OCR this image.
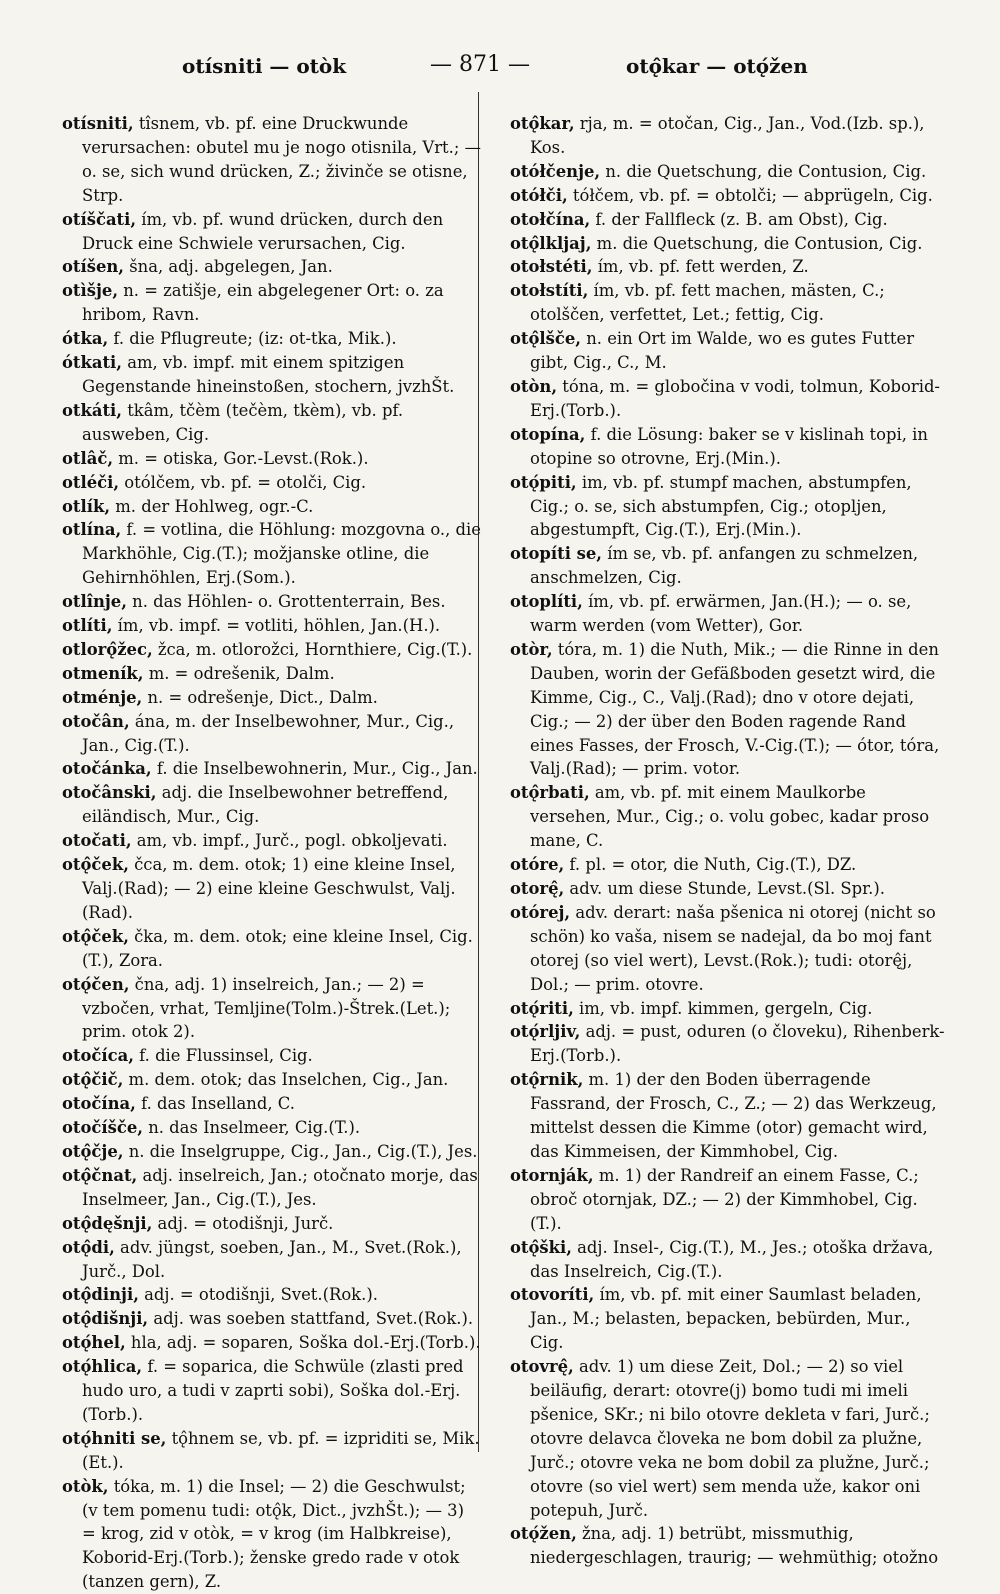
otísniti — otòk	— 871 —	otǫ̂kar — otǫ́žen

otísniti, tîsnem, vb. pf. eine Druckwunde verursachen: obutel mu je nogo otisnila, Vrt.; — o. se, sich wund drücken, Z.; živinče se otisne, Strp.

otíščati, ím, vb. pf. wund drücken, durch den Druck eine Schwiele verursachen, Cig.

otíšen, šna, adj. abgelegen, Jan.

otìšje, n. = zatišje, ein abgelegener Ort: o. za hribom, Ravn.

ótka, f. die Pflugreute; (iz: ot-tka, Mik.).

ótkati, am, vb. impf. mit einem spitzigen Gegenstande hineinstoßen, stochern, jvzhŠt.

otkáti, tkâm, tčèm (tečèm, tkèm), vb. pf. ausweben, Cig.

otlâč, m. = otiska, Gor.-Levst.(Rok.).

otléči, otólčem, vb. pf. = otolči, Cig.

otlík, m. der Hohlweg, ogr.-C.

otlína, f. = votlina, die Höhlung: mozgovna o., die Markhöhle, Cig.(T.); možjanske otline, die Gehirnhöhlen, Erj.(Som.).

otlînje, n. das Höhlen- o. Grottenterrain, Bes.

otlíti, ím, vb. impf. = votliti, höhlen, Jan.(H.).

otlorǫ̂žec, žca, m. otlorožci, Hornthiere, Cig.(T.).

otmeník, m. = odrešenik, Dalm.

otménje, n. = odrešenje, Dict., Dalm.

otočân, ána, m. der Inselbewohner, Mur., Cig., Jan., Cig.(T.).

otočánka, f. die Inselbewohnerin, Mur., Cig., Jan.

otočânski, adj. die Inselbewohner betreffend, eiländisch, Mur., Cig.

otočati, am, vb. impf., Jurč., pogl. obkoljevati.

otǫ̂ček, čca, m. dem. otok; 1) eine kleine Insel, Valj.(Rad); — 2) eine kleine Geschwulst, Valj.(Rad).

otǫ̂ček, čka, m. dem. otok; eine kleine Insel, Cig.(T.), Zora.

otǫ́čen, čna, adj. 1) inselreich, Jan.; — 2) = vzbočen, vrhat, Temljine(Tolm.)-Štrek.(Let.); prim. otok 2).

otočíca, f. die Flussinsel, Cig.

otǫ̂čič, m. dem. otok; das Inselchen, Cig., Jan.

otočína, f. das Inselland, C.

otočíšče, n. das Inselmeer, Cig.(T.).

otǫ̂čje, n. die Inselgruppe, Cig., Jan., Cig.(T.), Jes.

otǫ̂čnat, adj. inselreich, Jan.; otočnato morje, das Inselmeer, Jan., Cig.(T.), Jes.

otǫ̂dęšnji, adj. = otodišnji, Jurč.

otǫ̂di, adv. jüngst, soeben, Jan., M., Svet.(Rok.), Jurč., Dol.

otǫ̂dinji, adj. = otodišnji, Svet.(Rok.).

otǫ̂dišnji, adj. was soeben stattfand, Svet.(Rok.).

otǫ́hel, hla, adj. = soparen, Soška dol.-Erj.(Torb.).

otǫ́hlica, f. = soparica, die Schwüle (zlasti pred hudo uro, a tudi v zaprti sobi), Soška dol.-Erj.(Torb.).

otǫ́hniti se, tǫ̂hnem se, vb. pf. = izpriditi se, Mik.(Et.).

otòk, tóka, m. 1) die Insel; — 2) die Geschwulst; (v tem pomenu tudi: otǫ̂k, Dict., jvzhŠt.); — 3) = krog, zid v otòk, = v krog (im Halbkreise), Koborid-Erj.(Torb.); ženske gredo rade v otok (tanzen gern), Z.

otǫ̂kar, rja, m. = otočan, Cig., Jan., Vod.(Izb. sp.), Kos.

otółčenje, n. die Quetschung, die Contusion, Cig.

otółči, tółčem, vb. pf. = obtolči; — abprügeln, Cig.

otołčína, f. der Fallfleck (z. B. am Obst), Cig.

otǫ̂lkljaj, m. die Quetschung, die Contusion, Cig.

otołstéti, ím, vb. pf. fett werden, Z.

otołstíti, ím, vb. pf. fett machen, mästen, C.; otolščen, verfettet, Let.; fettig, Cig.

otǫ̂lšče, n. ein Ort im Walde, wo es gutes Futter gibt, Cig., C., M.

otòn, tóna, m. = globočina v vodi, tolmun, Koborid-Erj.(Torb.).

otopína, f. die Lösung: baker se v kislinah topi, in otopine so otrovne, Erj.(Min.).

otǫ́piti, im, vb. pf. stumpf machen, abstumpfen, Cig.; o. se, sich abstumpfen, Cig.; otopljen, abgestumpft, Cig.(T.), Erj.(Min.).

otopíti se, ím se, vb. pf. anfangen zu schmelzen, anschmelzen, Cig.

otoplíti, ím, vb. pf. erwärmen, Jan.(H.); — o. se, warm werden (vom Wetter), Gor.

otòr, tóra, m. 1) die Nuth, Mik.; — die Rinne in den Dauben, worin der Gefäßboden gesetzt wird, die Kimme, Cig., C., Valj.(Rad); dno v otore dejati, Cig.; — 2) der über den Boden ragende Rand eines Fasses, der Frosch, V.-Cig.(T.); — ótor, tóra, Valj.(Rad); — prim. votor.

otǫ̂rbati, am, vb. pf. mit einem Maulkorbe versehen, Mur., Cig.; o. volu gobec, kadar proso mane, C.

otóre, f. pl. = otor, die Nuth, Cig.(T.), DZ.

otorę̂, adv. um diese Stunde, Levst.(Sl. Spr.).

otórej, adv. derart: naša pšenica ni otorej (nicht so schön) ko vaša, nisem se nadejal, da bo moj fant otorej (so viel wert), Levst.(Rok.); tudi: otorę̂j, Dol.; — prim. otovre.

otǫ́riti, im, vb. impf. kimmen, gergeln, Cig.

otǫ́rljiv, adj. = pust, oduren (o človeku), Rihenberk-Erj.(Torb.).

otǫ̂rnik, m. 1) der den Boden überragende Fassrand, der Frosch, C., Z.; — 2) das Werkzeug, mittelst dessen die Kimme (otor) gemacht wird, das Kimmeisen, der Kimmhobel, Cig.

otornják, m. 1) der Randreif an einem Fasse, C.; obroč otornjak, DZ.; — 2) der Kimmhobel, Cig.(T.).

otǫ̂ški, adj. Insel-, Cig.(T.), M., Jes.; otoška država, das Inselreich, Cig.(T.).

otovoríti, ím, vb. pf. mit einer Saumlast beladen, Jan., M.; belasten, bepacken, bebürden, Mur., Cig.

otovrę̂, adv. 1) um diese Zeit, Dol.; — 2) so viel beiläufig, derart: otovre(j) bomo tudi mi imeli pšenice, SKr.; ni bilo otovre dekleta v fari, Jurč.; otovre delavca človeka ne bom dobil za plužne, Jurč.; otovre veka ne bom dobil za plužne, Jurč.; otovre (so viel wert) sem menda uže, kakor oni potepuh, Jurč.

otǫ́žen, žna, adj. 1) betrübt, missmuthig, niedergeschlagen, traurig; — wehmüthig; otožno
